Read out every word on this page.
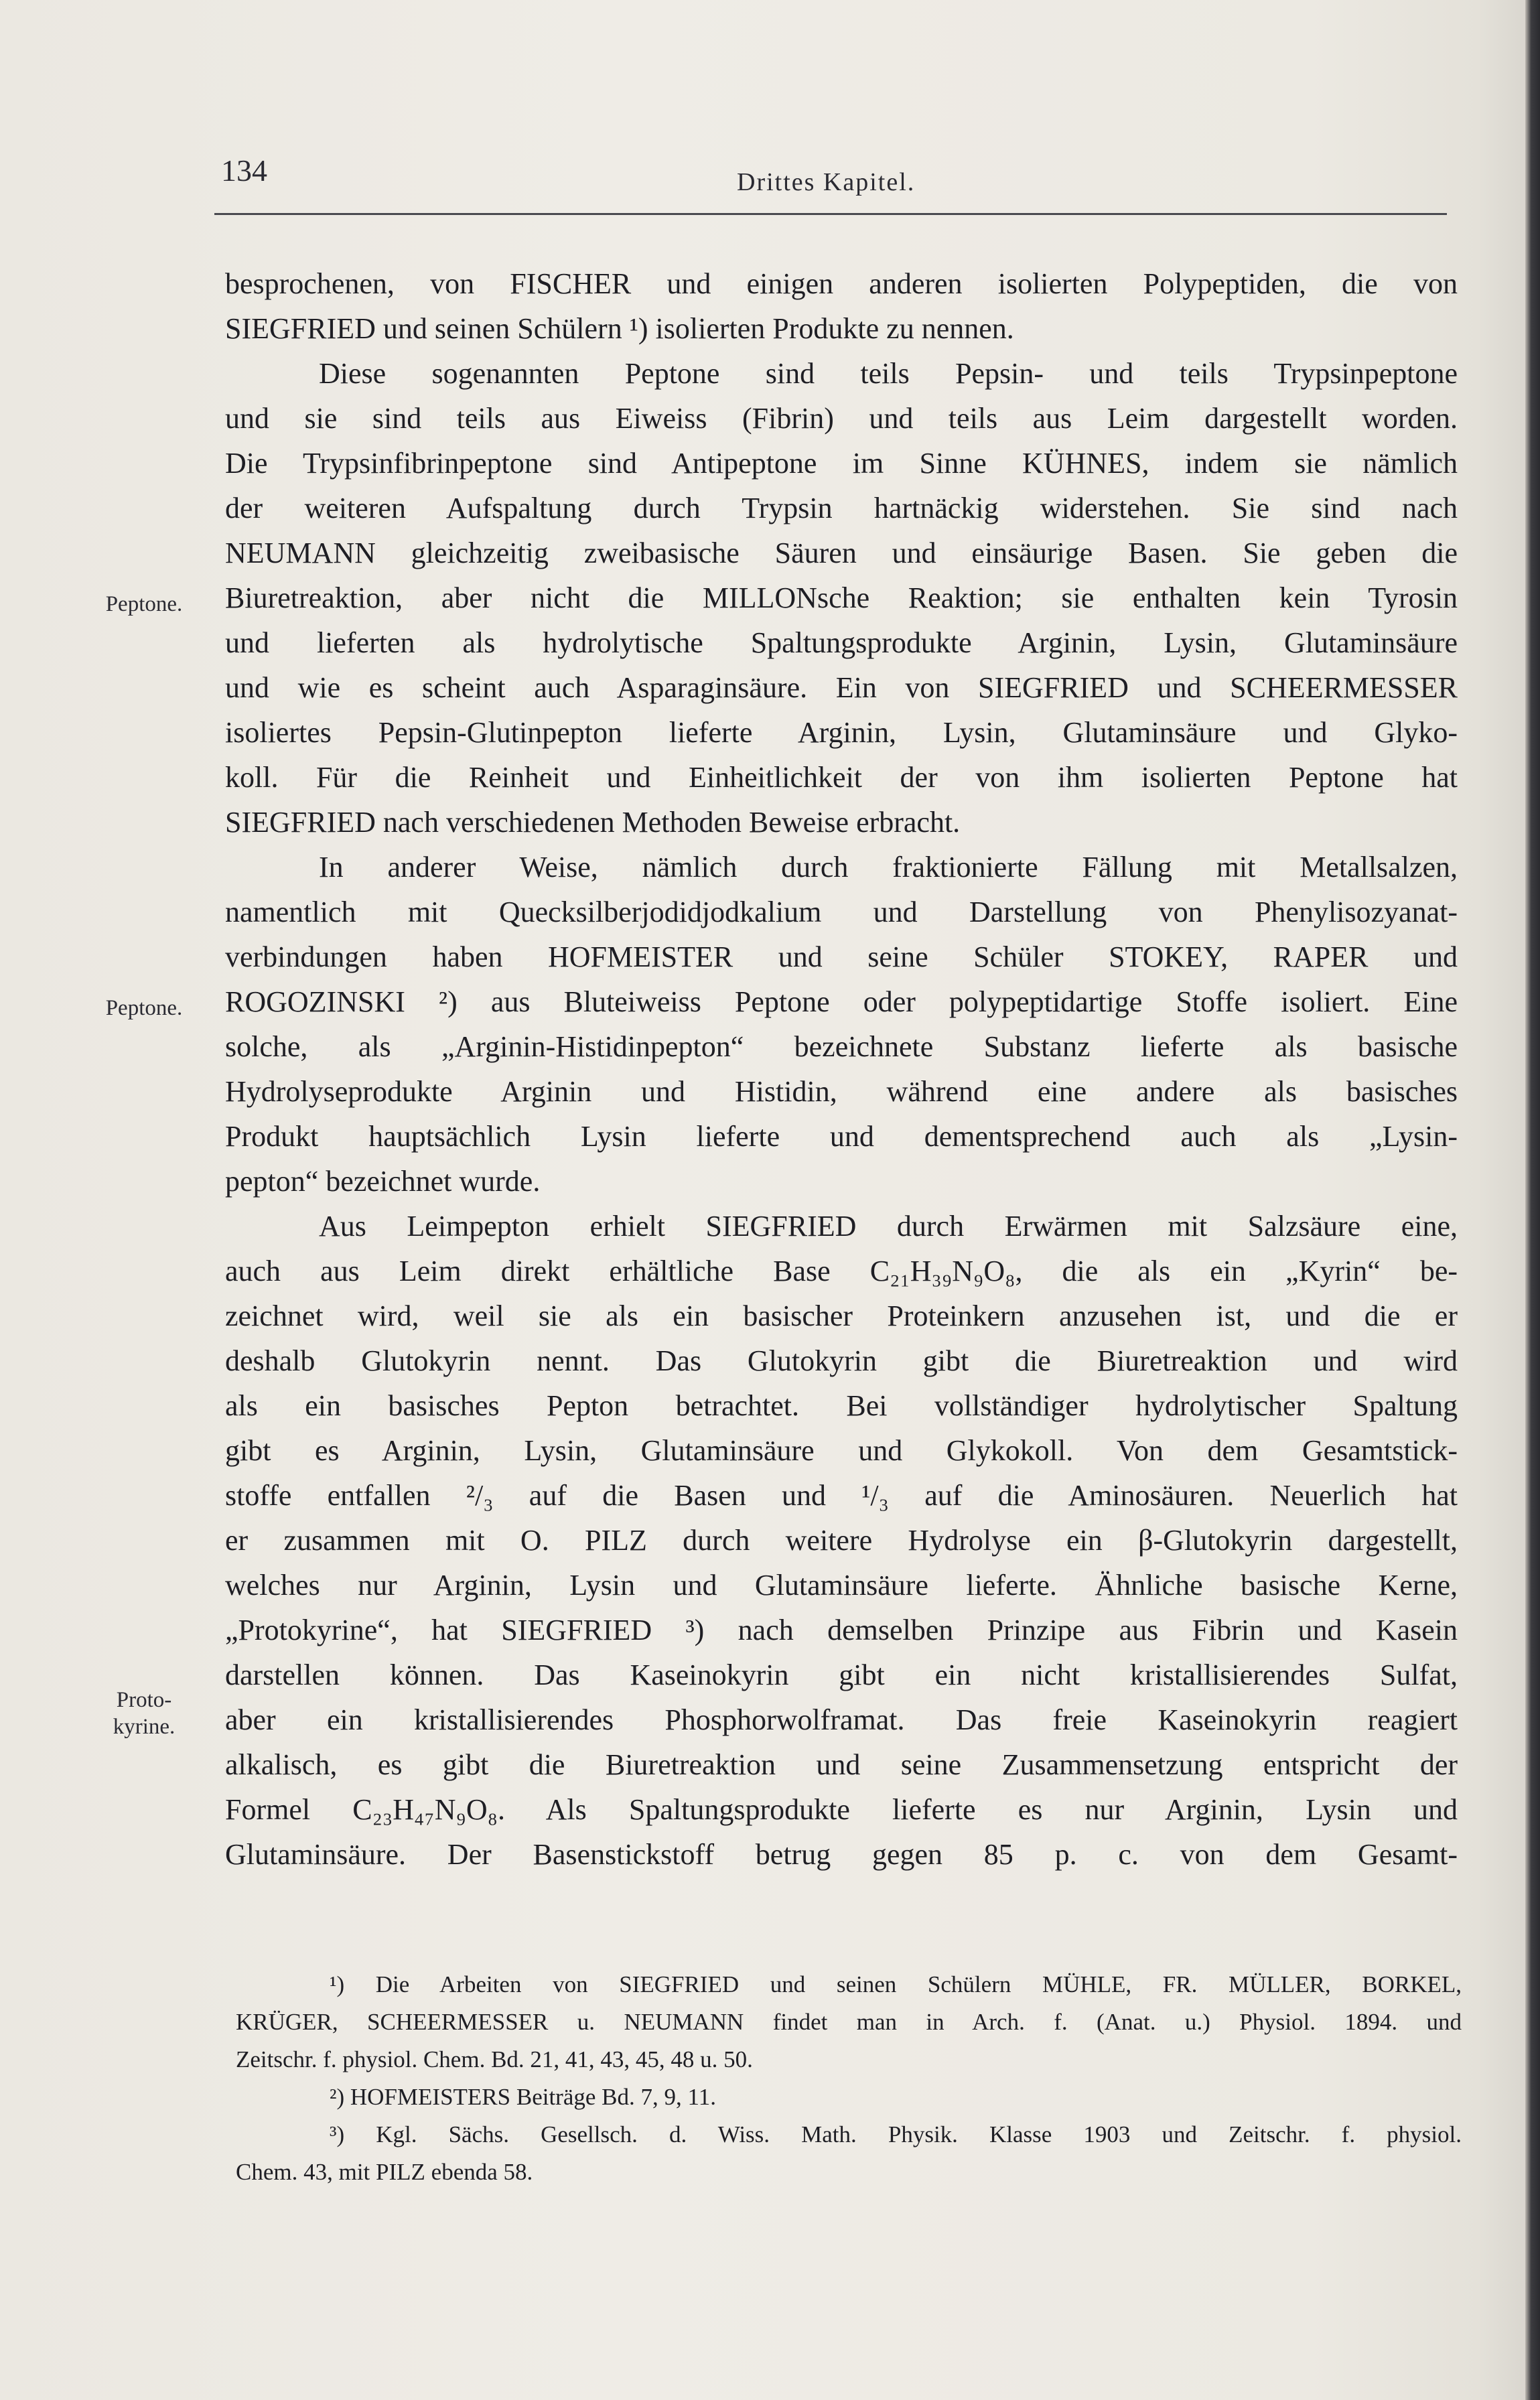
134	Drittes Kapitel.
Peptone.
Peptone.
Proto- kyrine.
besprochenen, von FISCHER und einigen anderen isolierten Polypeptiden, die von
SIEGFRIED und seinen Schülern ¹) isolierten Produkte zu nennen.
Diese sogenannten Peptone sind teils Pepsin- und teils Trypsinpeptone
und sie sind teils aus Eiweiss (Fibrin) und teils aus Leim dargestellt worden.
Die Trypsinfibrinpeptone sind Antipeptone im Sinne KÜHNES, indem sie nämlich
der weiteren Aufspaltung durch Trypsin hartnäckig widerstehen. Sie sind nach
NEUMANN gleichzeitig zweibasische Säuren und einsäurige Basen. Sie geben die
Biuretreaktion, aber nicht die MILLONsche Reaktion; sie enthalten kein Tyrosin
und lieferten als hydrolytische Spaltungsprodukte Arginin, Lysin, Glutaminsäure
und wie es scheint auch Asparaginsäure. Ein von SIEGFRIED und SCHEERMESSER
isoliertes Pepsin-Glutinpepton lieferte Arginin, Lysin, Glutaminsäure und Glyko-
koll. Für die Reinheit und Einheitlichkeit der von ihm isolierten Peptone hat
SIEGFRIED nach verschiedenen Methoden Beweise erbracht.
In anderer Weise, nämlich durch fraktionierte Fällung mit Metallsalzen,
namentlich mit Quecksilberjodidjodkalium und Darstellung von Phenylisozyanat-
verbindungen haben HOFMEISTER und seine Schüler STOKEY, RAPER und
ROGOZINSKI ²) aus Bluteiweiss Peptone oder polypeptidartige Stoffe isoliert. Eine
solche, als „Arginin-Histidinpepton“ bezeichnete Substanz lieferte als basische
Hydrolyseprodukte Arginin und Histidin, während eine andere als basisches
Produkt hauptsächlich Lysin lieferte und dementsprechend auch als „Lysin-
pepton“ bezeichnet wurde.
Aus Leimpepton erhielt SIEGFRIED durch Erwärmen mit Salzsäure eine,
auch aus Leim direkt erhältliche Base C₂₁H₃₉N₉O₈, die als ein „Kyrin“ be-
zeichnet wird, weil sie als ein basischer Proteinkern anzusehen ist, und die er
deshalb Glutokyrin nennt. Das Glutokyrin gibt die Biuretreaktion und wird
als ein basisches Pepton betrachtet. Bei vollständiger hydrolytischer Spaltung
gibt es Arginin, Lysin, Glutaminsäure und Glykokoll. Von dem Gesamtstick-
stoffe entfallen ²/₃ auf die Basen und ¹/₃ auf die Aminosäuren. Neuerlich hat
er zusammen mit O. PILZ durch weitere Hydrolyse ein β-Glutokyrin dargestellt,
welches nur Arginin, Lysin und Glutaminsäure lieferte. Ähnliche basische Kerne,
„Protokyrine“, hat SIEGFRIED ³) nach demselben Prinzipe aus Fibrin und Kasein
darstellen können. Das Kaseinokyrin gibt ein nicht kristallisierendes Sulfat,
aber ein kristallisierendes Phosphorwolframat. Das freie Kaseinokyrin reagiert
alkalisch, es gibt die Biuretreaktion und seine Zusammensetzung entspricht der
Formel C₂₃H₄₇N₉O₈. Als Spaltungsprodukte lieferte es nur Arginin, Lysin und
Glutaminsäure. Der Basenstickstoff betrug gegen 85 p. c. von dem Gesamt-
¹) Die Arbeiten von SIEGFRIED und seinen Schülern MÜHLE, FR. MÜLLER, BORKEL,
KRÜGER, SCHEERMESSER u. NEUMANN findet man in Arch. f. (Anat. u.) Physiol. 1894. und
Zeitschr. f. physiol. Chem. Bd. 21, 41, 43, 45, 48 u. 50.
²) HOFMEISTERS Beiträge Bd. 7, 9, 11.
³) Kgl. Sächs. Gesellsch. d. Wiss. Math. Physik. Klasse 1903 und Zeitschr. f. physiol.
Chem. 43, mit PILZ ebenda 58.
